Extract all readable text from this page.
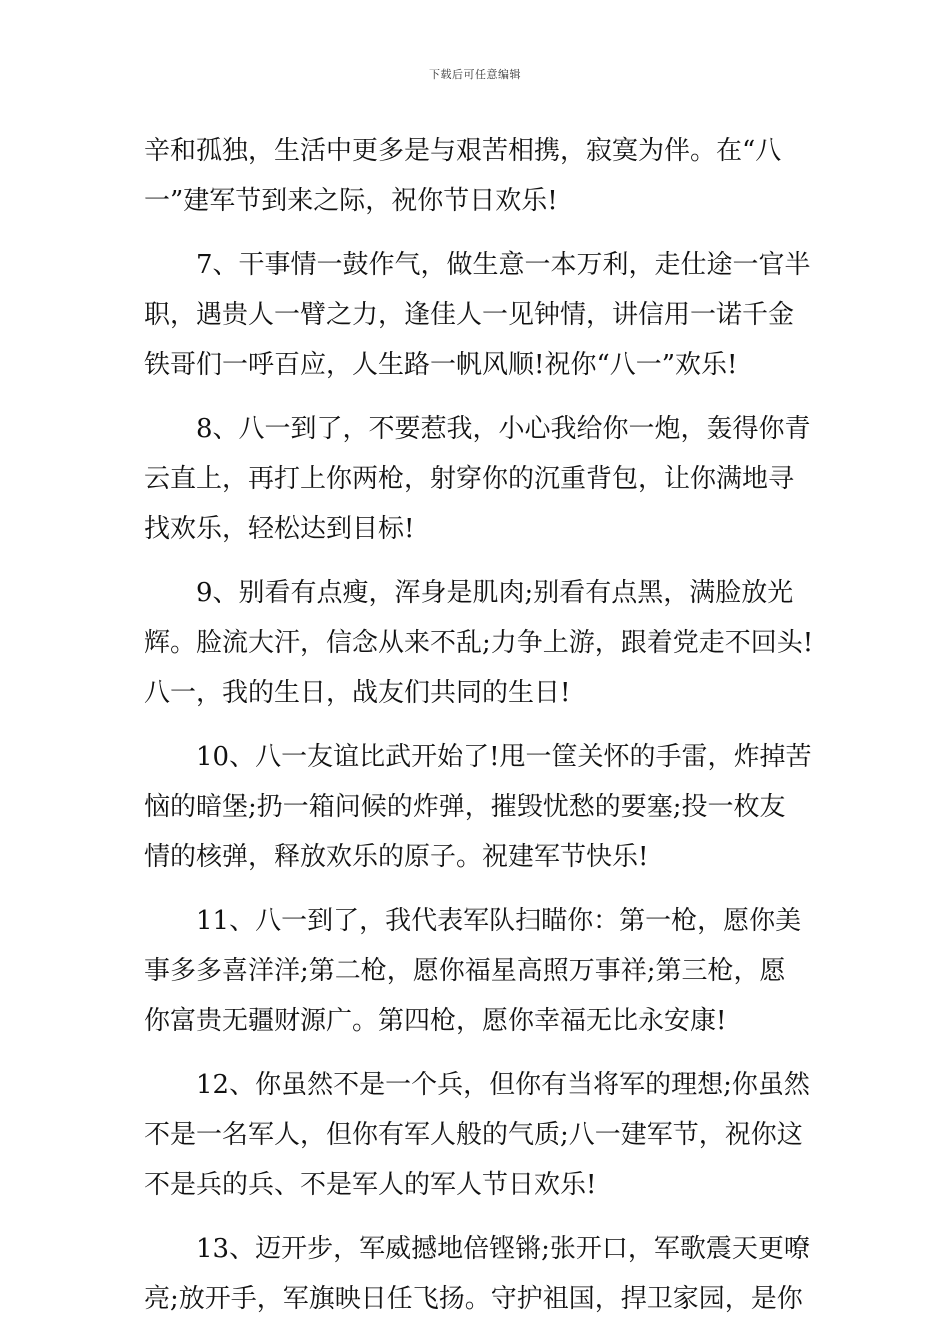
下载后可任意编辑
辛和孤独，生活中更多是与艰苦相携，寂寞为伴。在“八
一”建军节到来之际，祝你节日欢乐!
7、干事情一鼓作气，做生意一本万利，走仕途一官半
职，遇贵人一臂之力，逢佳人一见钟情，讲信用一诺千金
铁哥们一呼百应，人生路一帆风顺!祝你“八一”欢乐!
8、八一到了，不要惹我，小心我给你一炮，轰得你青
云直上，再打上你两枪，射穿你的沉重背包，让你满地寻
找欢乐，轻松达到目标!
9、别看有点瘦，浑身是肌肉;别看有点黑，满脸放光
辉。脸流大汗，信念从来不乱;力争上游，跟着党走不回头!
八一，我的生日，战友们共同的生日!
10、八一友谊比武开始了!甩一筐关怀的手雷，炸掉苦
恼的暗堡;扔一箱问候的炸弹，摧毁忧愁的要塞;投一枚友
情的核弹，释放欢乐的原子。祝建军节快乐!
11、八一到了，我代表军队扫瞄你：第一枪，愿你美
事多多喜洋洋;第二枪，愿你福星高照万事祥;第三枪，愿
你富贵无疆财源广。第四枪，愿你幸福无比永安康!
12、你虽然不是一个兵，但你有当将军的理想;你虽然
不是一名军人，但你有军人般的气质;八一建军节，祝你这
不是兵的兵、不是军人的军人节日欢乐!
13、迈开步，军威撼地倍铿锵;张开口，军歌震天更嘹
亮;放开手，军旗映日任飞扬。守护祖国，捍卫家园，是你
